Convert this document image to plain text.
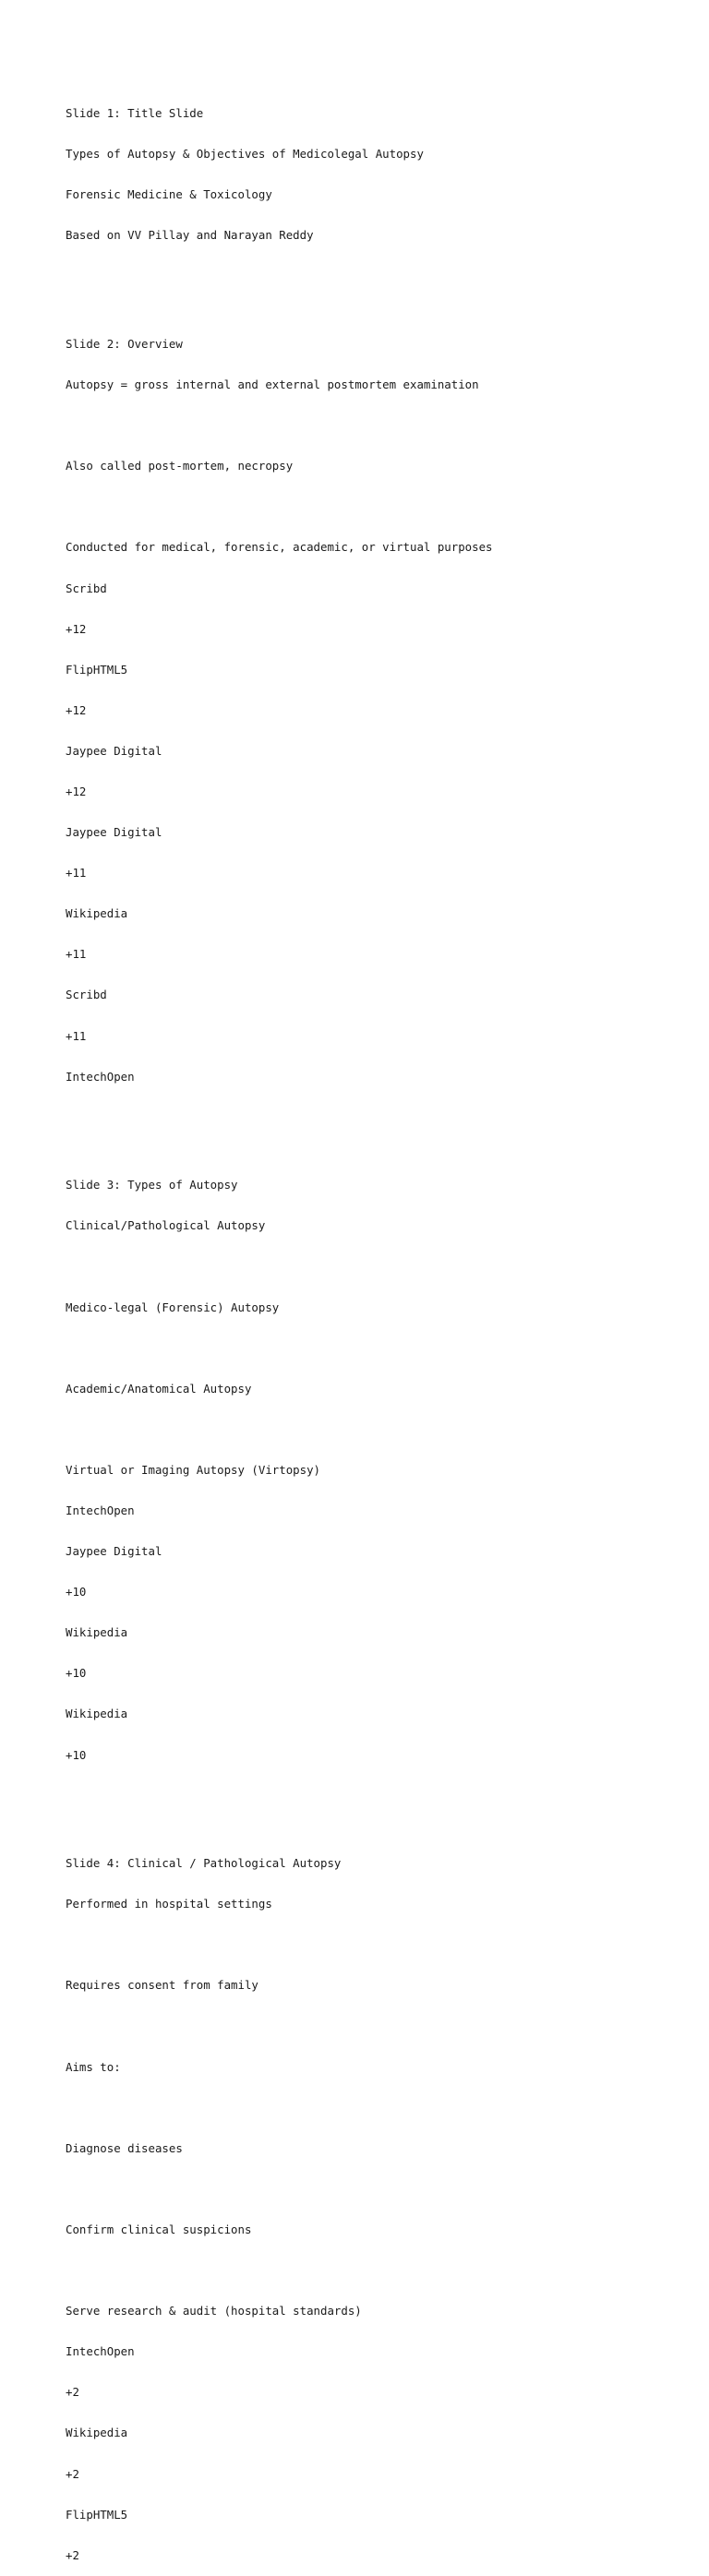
Slide 1: Title Slide

Types of Autopsy & Objectives of Medicolegal Autopsy

Forensic Medicine & Toxicology

Based on VV Pillay and Narayan Reddy

Slide 2: Overview

Autopsy = gross internal and external postmortem examination

Also called post-mortem, necropsy

Conducted for medical, forensic, academic, or virtual purposes

Scribd

+12

FlipHTML5

+12

Jaypee Digital

+12

Jaypee Digital

+11

Wikipedia

+11

Scribd

+11

IntechOpen

Slide 3: Types of Autopsy

Clinical/Pathological Autopsy

Medico-legal (Forensic) Autopsy

Academic/Anatomical Autopsy

Virtual or Imaging Autopsy (Virtopsy)

IntechOpen

Jaypee Digital

+10

Wikipedia

+10

Wikipedia

+10

Slide 4: Clinical / Pathological Autopsy

Performed in hospital settings

Requires consent from family

Aims to:

Diagnose diseases

Confirm clinical suspicions

Serve research & audit (hospital standards)

IntechOpen

+2

Wikipedia

+2

FlipHTML5

+2
